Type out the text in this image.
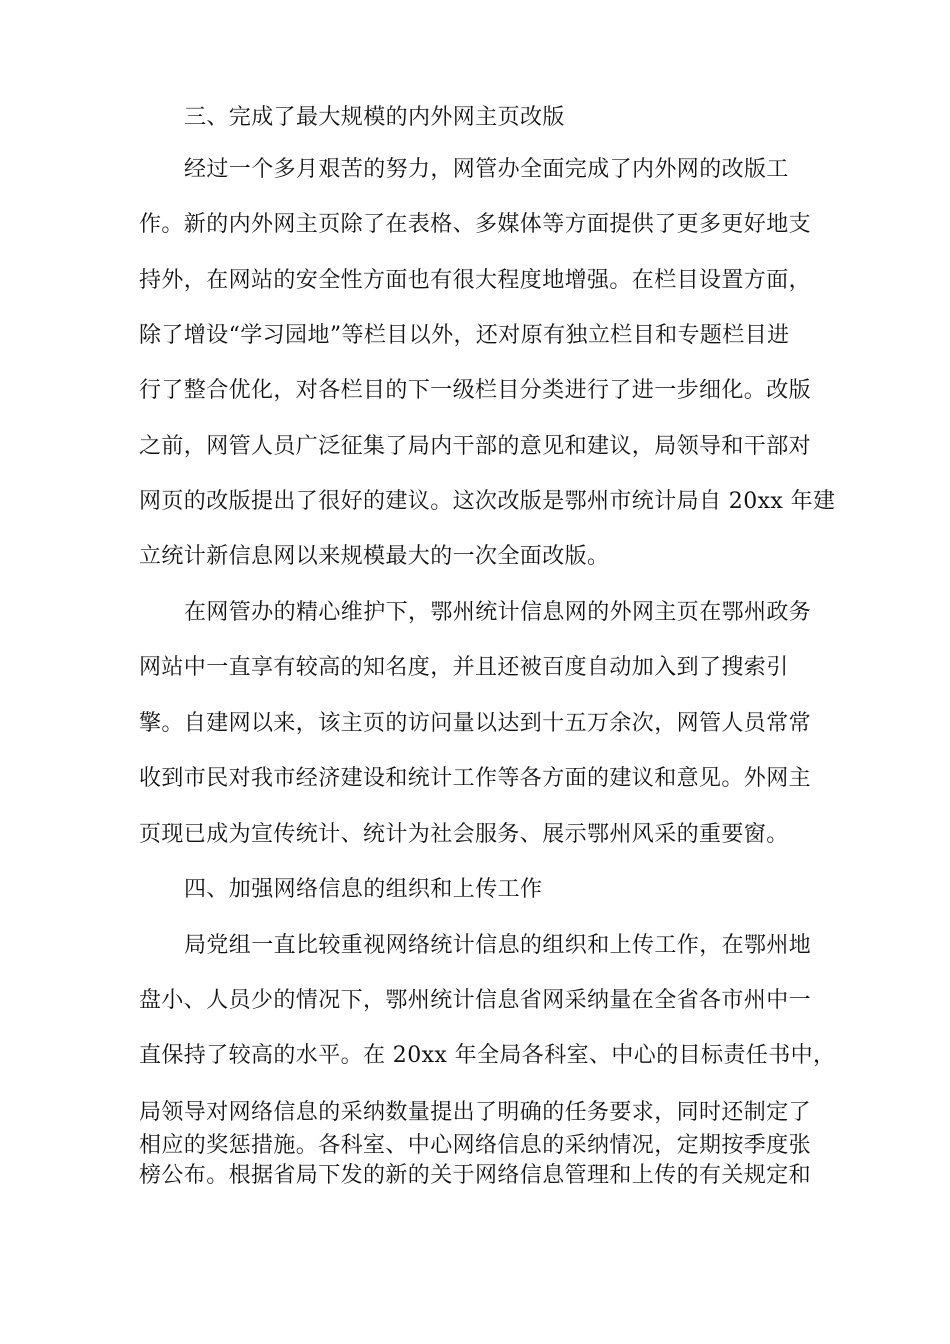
三、完成了最大规模的内外网主页改版
经过一个多月艰苦的努力，网管办全面完成了内外网的改版工
作。新的内外网主页除了在表格、多媒体等方面提供了更多更好地支
持外，在网站的安全性方面也有很大程度地增强。在栏目设置方面，
除了增设“学习园地”等栏目以外，还对原有独立栏目和专题栏目进
行了整合优化，对各栏目的下一级栏目分类进行了进一步细化。改版
之前，网管人员广泛征集了局内干部的意见和建议，局领导和干部对
网页的改版提出了很好的建议。这次改版是鄂州市统计局自 20xx 年建
立统计新信息网以来规模最大的一次全面改版。
在网管办的精心维护下，鄂州统计信息网的外网主页在鄂州政务
网站中一直享有较高的知名度，并且还被百度自动加入到了搜索引
擎。自建网以来，该主页的访问量以达到十五万余次，网管人员常常
收到市民对我市经济建设和统计工作等各方面的建议和意见。外网主
页现已成为宣传统计、统计为社会服务、展示鄂州风采的重要窗。
四、加强网络信息的组织和上传工作
局党组一直比较重视网络统计信息的组织和上传工作，在鄂州地
盘小、人员少的情况下，鄂州统计信息省网采纳量在全省各市州中一
直保持了较高的水平。在 20xx 年全局各科室、中心的目标责任书中，
局领导对网络信息的采纳数量提出了明确的任务要求，同时还制定了
相应的奖惩措施。各科室、中心网络信息的采纳情况，定期按季度张
榜公布。根据省局下发的新的关于网络信息管理和上传的有关规定和
